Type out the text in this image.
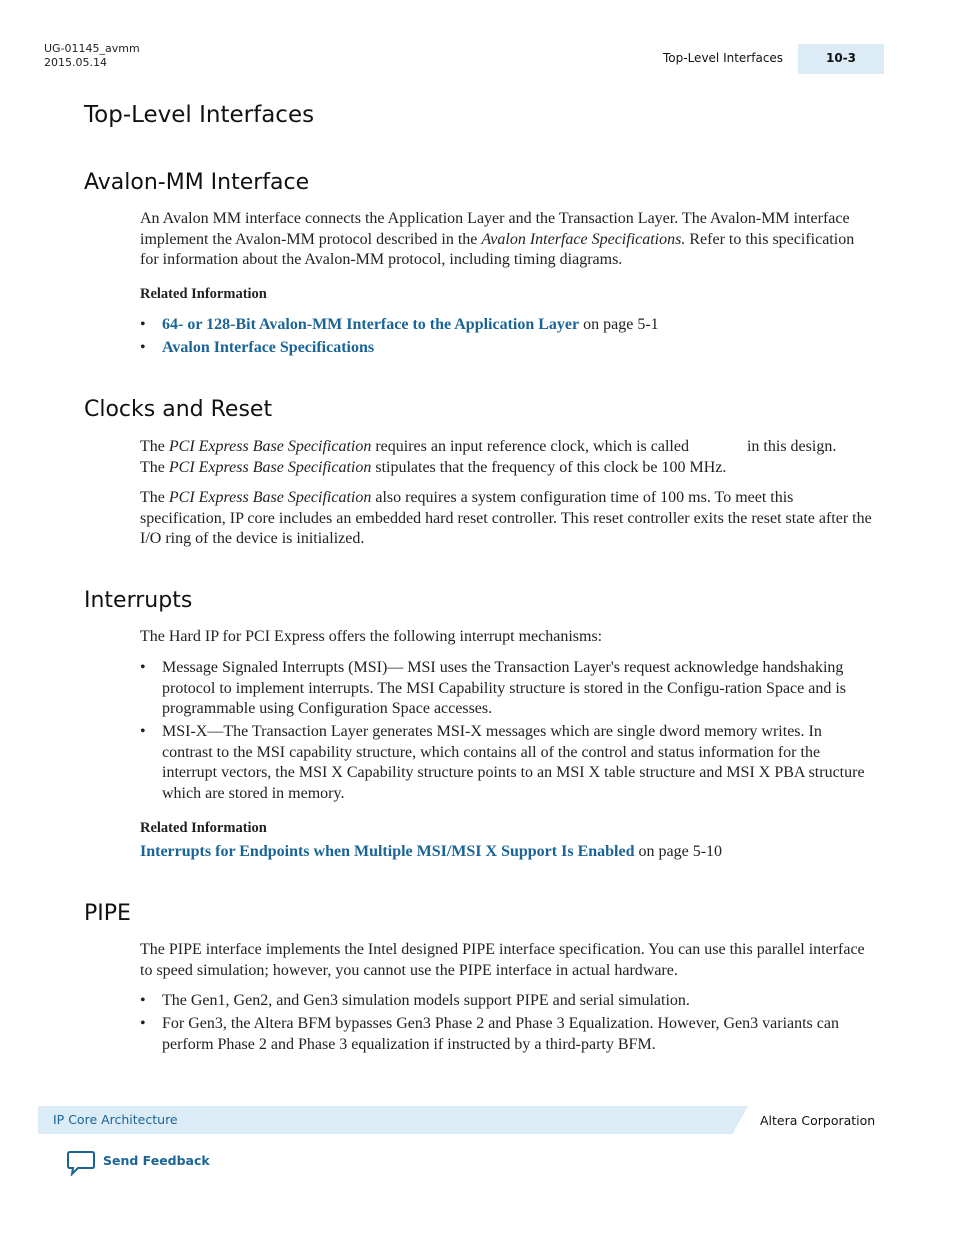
UG-01145_avmm
2015.05.14	Top-Level Interfaces	10-3
Top-Level Interfaces
Avalon-MM Interface

An Avalon MM interface connects the Application Layer and the Transaction Layer. The Avalon-MM interface implement the Avalon-MM protocol described in the Avalon Interface Specifications. Refer to this specification for information about the Avalon-MM protocol, including timing diagrams.

Related Information
• 64- or 128-Bit Avalon-MM Interface to the Application Layer on page 5-1
• Avalon Interface Specifications
Clocks and Reset

The PCI Express Base Specification requires an input reference clock, which is called	in this design.
The PCI Express Base Specification stipulates that the frequency of this clock be 100 MHz.

The PCI Express Base Specification also requires a system configuration time of 100 ms. To meet this specification, IP core includes an embedded hard reset controller. This reset controller exits the reset state after the I/O ring of the device is initialized.

Interrupts

The Hard IP for PCI Express offers the following interrupt mechanisms:

• Message Signaled Interrupts (MSI)— MSI uses the Transaction Layer's request acknowledge handshaking protocol to implement interrupts. The MSI Capability structure is stored in the Configu-ration Space and is programmable using Configuration Space accesses.
• MSI-X—The Transaction Layer generates MSI-X messages which are single dword memory writes. In contrast to the MSI capability structure, which contains all of the control and status information for the interrupt vectors, the MSI X Capability structure points to an MSI X table structure and MSI X PBA structure which are stored in memory.
Related Information
Interrupts for Endpoints when Multiple MSI/MSI X Support Is Enabled on page 5-10
PIPE

The PIPE interface implements the Intel designed PIPE interface specification. You can use this parallel interface to speed simulation; however, you cannot use the PIPE interface in actual hardware.

• The Gen1, Gen2, and Gen3 simulation models support PIPE and serial simulation.
• For Gen3, the Altera BFM bypasses Gen3 Phase 2 and Phase 3 Equalization. However, Gen3 variants can perform Phase 2 and Phase 3 equalization if instructed by a third-party BFM.
IP Core Architecture	Altera Corporation
Send Feedback
